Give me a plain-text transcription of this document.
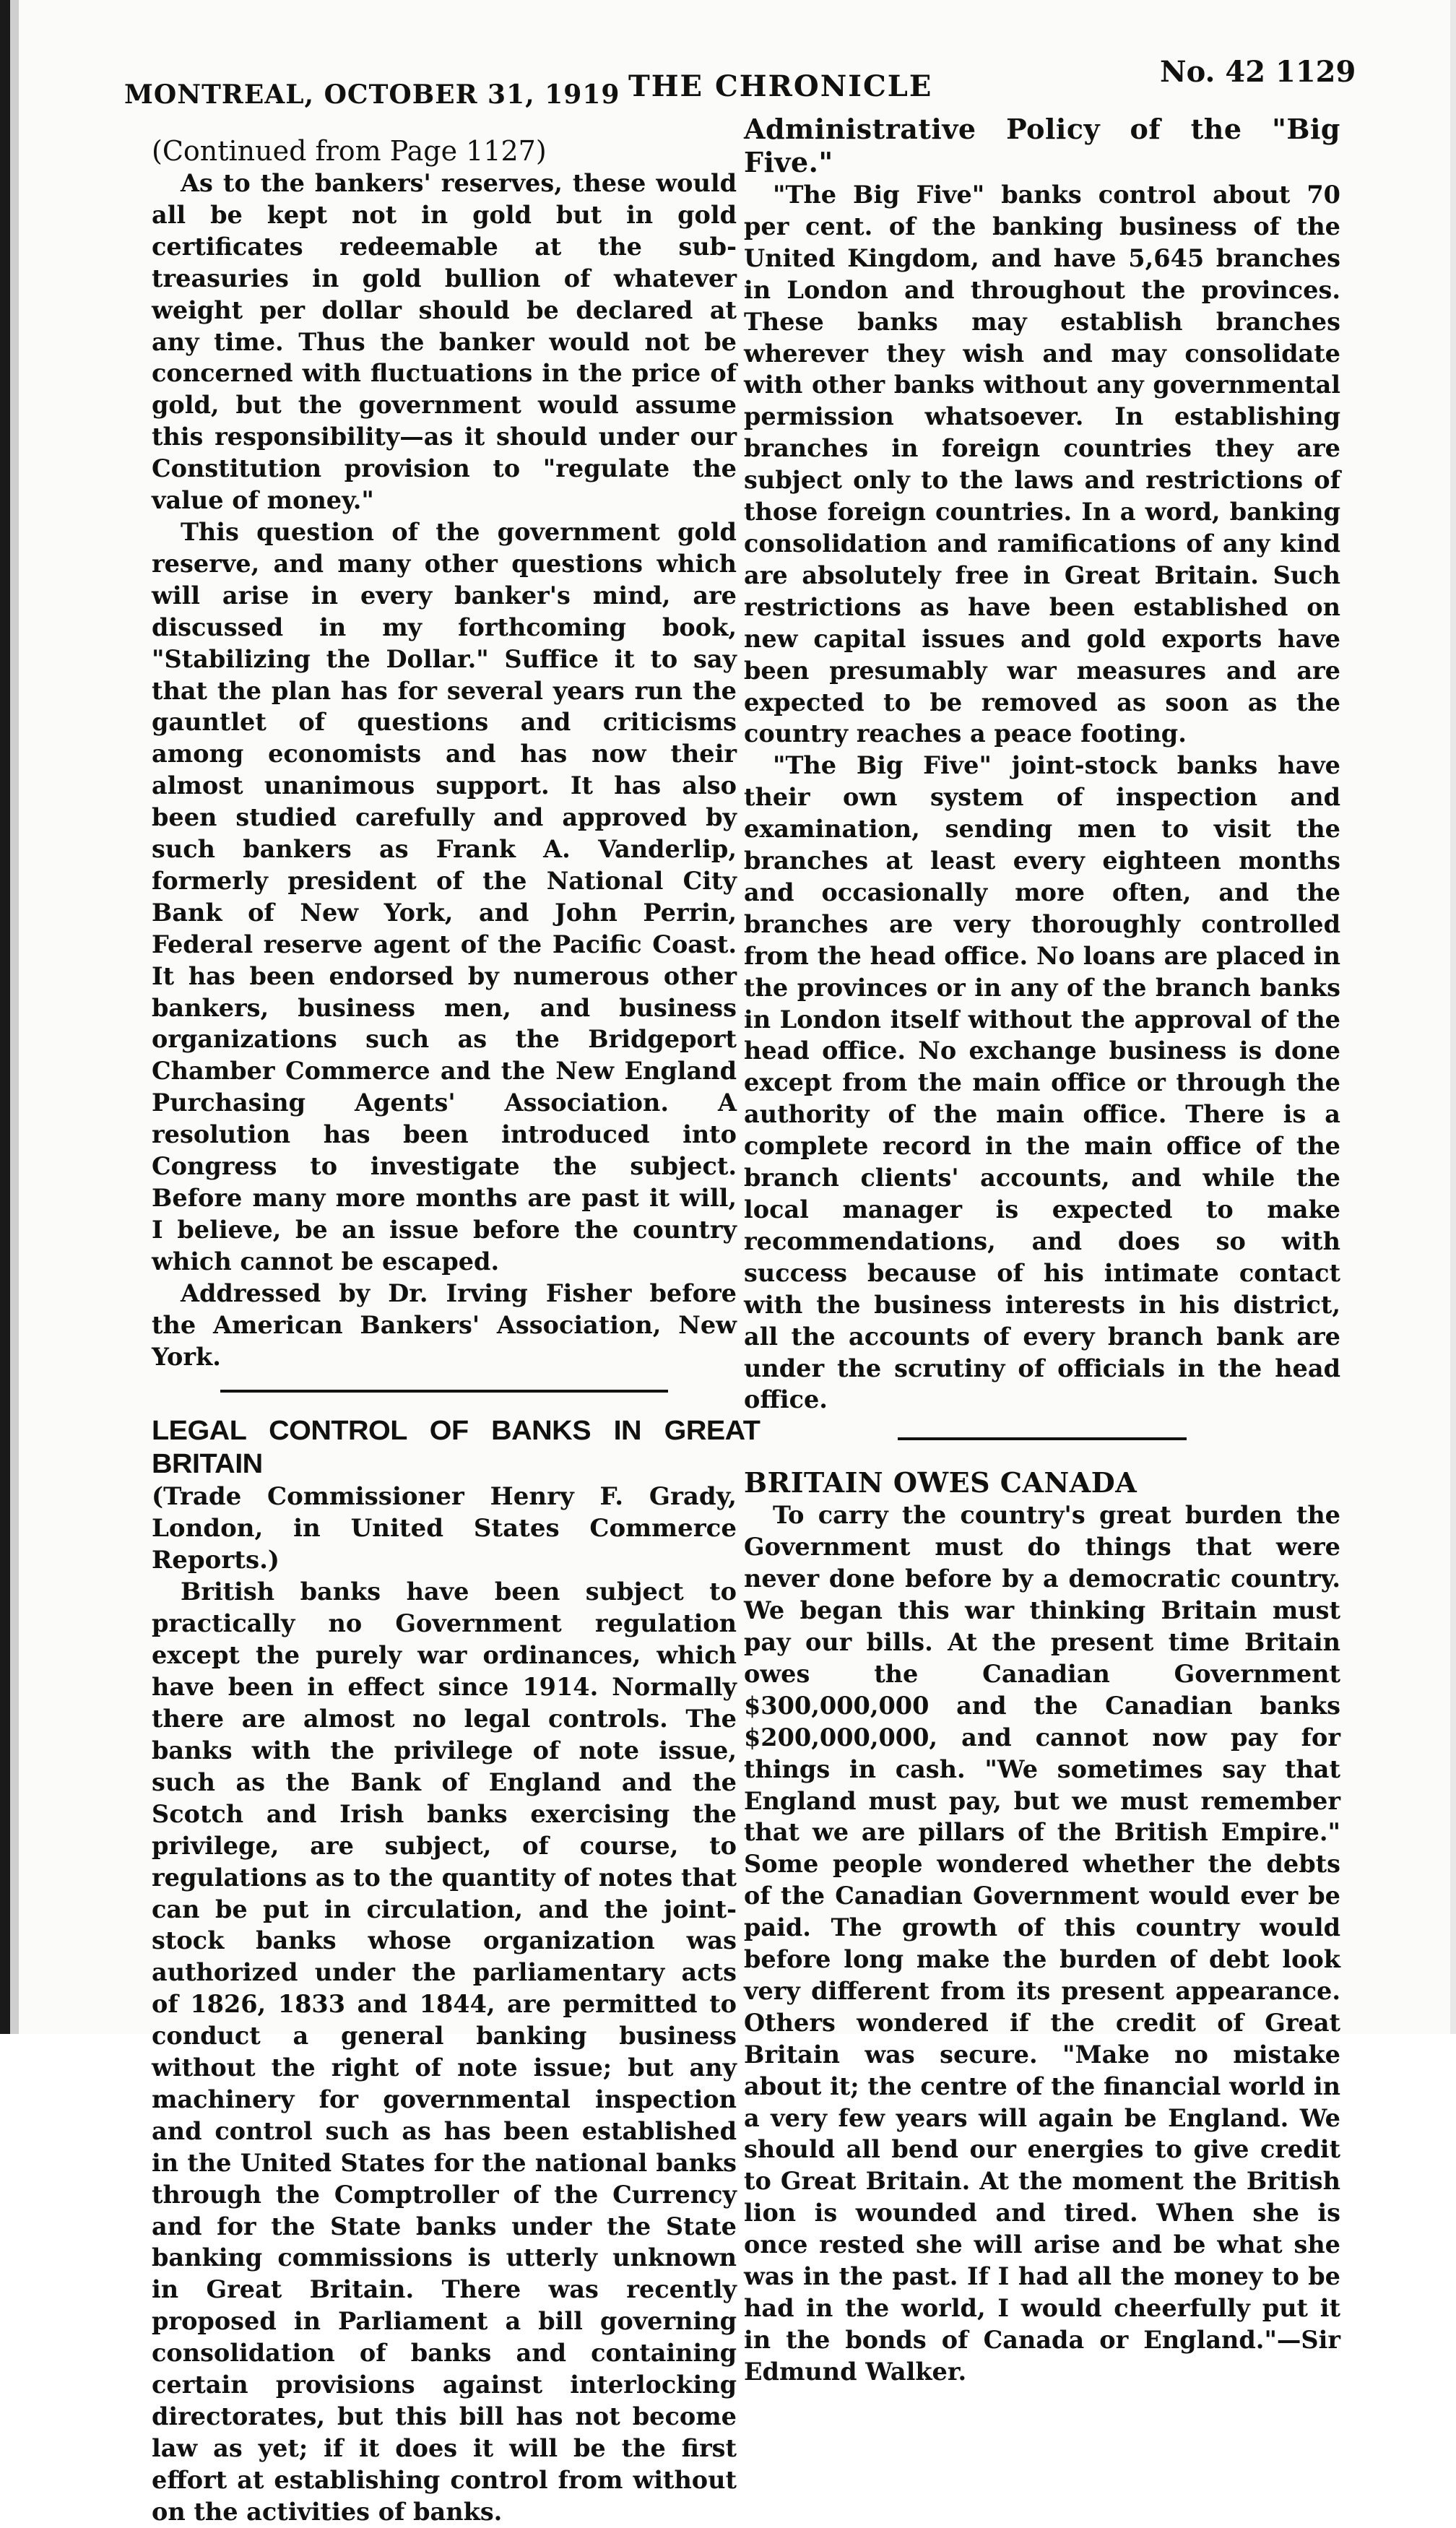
MONTREAL, OCTOBER 31, 1919 THE CHRONICLE	No. 42 1129

(Continued from Page 1127)

As to the bankers' reserves, these would all be kept not in gold but in gold certificates redeemable at the sub-treasuries in gold bullion of whatever weight per dollar should be declared at any time. Thus the banker would not be concerned with fluctuations in the price of gold, but the government would assume this responsibility—as it should under our Constitution provision to "regulate the value of money."

This question of the government gold reserve, and many other questions which will arise in every banker's mind, are discussed in my forthcoming book, "Stabilizing the Dollar." Suffice it to say that the plan has for several years run the gauntlet of questions and criticisms among economists and has now their almost unanimous support. It has also been studied carefully and approved by such bankers as Frank A. Vanderlip, formerly president of the National City Bank of New York, and John Perrin, Federal reserve agent of the Pacific Coast. It has been endorsed by numerous other bankers, business men, and business organizations such as the Bridgeport Chamber Commerce and the New England Purchasing Agents' Association. A resolution has been introduced into Congress to investigate the subject. Before many more months are past it will, I believe, be an issue before the country which cannot be escaped.

Addressed by Dr. Irving Fisher before the American Bankers' Association, New York.

LEGAL CONTROL OF BANKS IN GREAT BRITAIN

(Trade Commissioner Henry F. Grady, London, in United States Commerce Reports.)

British banks have been subject to practically no Government regulation except the purely war ordinances, which have been in effect since 1914. Normally there are almost no legal controls. The banks with the privilege of note issue, such as the Bank of England and the Scotch and Irish banks exercising the privilege, are subject, of course, to regulations as to the quantity of notes that can be put in circulation, and the joint-stock banks whose organization was authorized under the parliamentary acts of 1826, 1833 and 1844, are permitted to conduct a general banking business without the right of note issue; but any machinery for governmental inspection and control such as has been established in the United States for the national banks through the Comptroller of the Currency and for the State banks under the State banking commissions is utterly unknown in Great Britain. There was recently proposed in Parliament a bill governing consolidation of banks and containing certain provisions against interlocking directorates, but this bill has not become law as yet; if it does it will be the first effort at establishing control from without on the activities of banks.

Administrative Policy of the "Big Five."

"The Big Five" banks control about 70 per cent. of the banking business of the United Kingdom, and have 5,645 branches in London and throughout the provinces. These banks may establish branches wherever they wish and may consolidate with other banks without any governmental permission whatsoever. In establishing branches in foreign countries they are subject only to the laws and restrictions of those foreign countries. In a word, banking consolidation and ramifications of any kind are absolutely free in Great Britain. Such restrictions as have been established on new capital issues and gold exports have been presumably war measures and are expected to be removed as soon as the country reaches a peace footing.

"The Big Five" joint-stock banks have their own system of inspection and examination, sending men to visit the branches at least every eighteen months and occasionally more often, and the branches are very thoroughly controlled from the head office. No loans are placed in the provinces or in any of the branch banks in London itself without the approval of the head office. No exchange business is done except from the main office or through the authority of the main office. There is a complete record in the main office of the branch clients' accounts, and while the local manager is expected to make recommendations, and does so with success because of his intimate contact with the business interests in his district, all the accounts of every branch bank are under the scrutiny of officials in the head office.

BRITAIN OWES CANADA

To carry the country's great burden the Government must do things that were never done before by a democratic country. We began this war thinking Britain must pay our bills. At the present time Britain owes the Canadian Government $300,000,000 and the Canadian banks $200,000,000, and cannot now pay for things in cash. "We sometimes say that England must pay, but we must remember that we are pillars of the British Empire." Some people wondered whether the debts of the Canadian Government would ever be paid. The growth of this country would before long make the burden of debt look very different from its present appearance. Others wondered if the credit of Great Britain was secure. "Make no mistake about it; the centre of the financial world in a very few years will again be England. We should all bend our energies to give credit to Great Britain. At the moment the British lion is wounded and tired. When she is once rested she will arise and be what she was in the past. If I had all the money to be had in the world, I would cheerfully put it in the bonds of Canada or England."—Sir Edmund Walker.
